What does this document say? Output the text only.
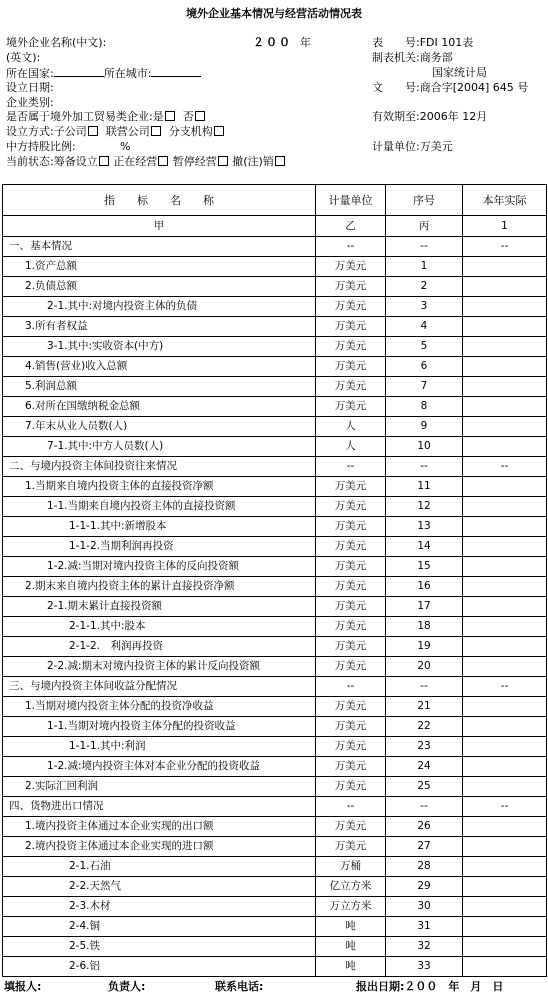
境外企业基本情况与经营活动情况表
境外企业名称(中文):	２００ 年
(英文):
所在国家:	所在城市:
设立日期:
企业类别:
是否属于境外加工贸易类企业:是 否
设立方式:子公司 联营公司 分支机构
中方持股比例:	%
当前状态:筹备设立 正在经营 暂停经营 撤(注)销
表　　号:FDI 101表
制表机关:商务部
国家统计局
文　　号:商合字[2004] 645 号
有效期至:2006年 12月
计量单位:万美元
指　　标　　名　　称	计量单位	序号	本年实际
甲	乙	丙	1
一、基本情况	--	--	--
1.资产总额	万美元	1	
2.负债总额	万美元	2	
2-1.其中:对境内投资主体的负债	万美元	3	
3.所有者权益	万美元	4	
3-1.其中:实收资本(中方)	万美元	5	
4.销售(营业)收入总额	万美元	6	
5.利润总额	万美元	7	
6.对所在国缴纳税金总额	万美元	8	
7.年末从业人员数(人)	人	9	
7-1.其中:中方人员数(人)	人	10	
二、与境内投资主体间投资往来情况	--	--	--
1.当期来自境内投资主体的直接投资净额	万美元	11	
1-1.当期来自境内投资主体的直接投资额	万美元	12	
1-1-1.其中:新增股本	万美元	13	
1-1-2.当期利润再投资	万美元	14	
1-2.减:当期对境内投资主体的反向投资额	万美元	15	
2.期末来自境内投资主体的累计直接投资净额	万美元	16	
2-1.期末累计直接投资额	万美元	17	
2-1-1.其中:股本	万美元	18	
2-1-2.　利润再投资	万美元	19	
2-2.减:期末对境内投资主体的累计反向投资额	万美元	20	
三、与境内投资主体间收益分配情况	--	--	--
1.当期对境内投资主体分配的投资净收益	万美元	21	
1-1.当期对境内投资主体分配的投资收益	万美元	22	
1-1-1.其中:利润	万美元	23	
1-2.减:境内投资主体对本企业分配的投资收益	万美元	24	
2.实际汇回利润	万美元	25	
四、货物进出口情况	--	--	--
1.境内投资主体通过本企业实现的出口额	万美元	26	
2.境内投资主体通过本企业实现的进口额	万美元	27	
2-1.石油	万桶	28	
2-2.天然气	亿立方米	29	
2-3.木材	万立方米	30	
2-4.铜	吨	31	
2-5.铁	吨	32	
2-6.铝	吨	33	
填报人:	负责人:	联系电话:	报出日期:２００　年　月　日
